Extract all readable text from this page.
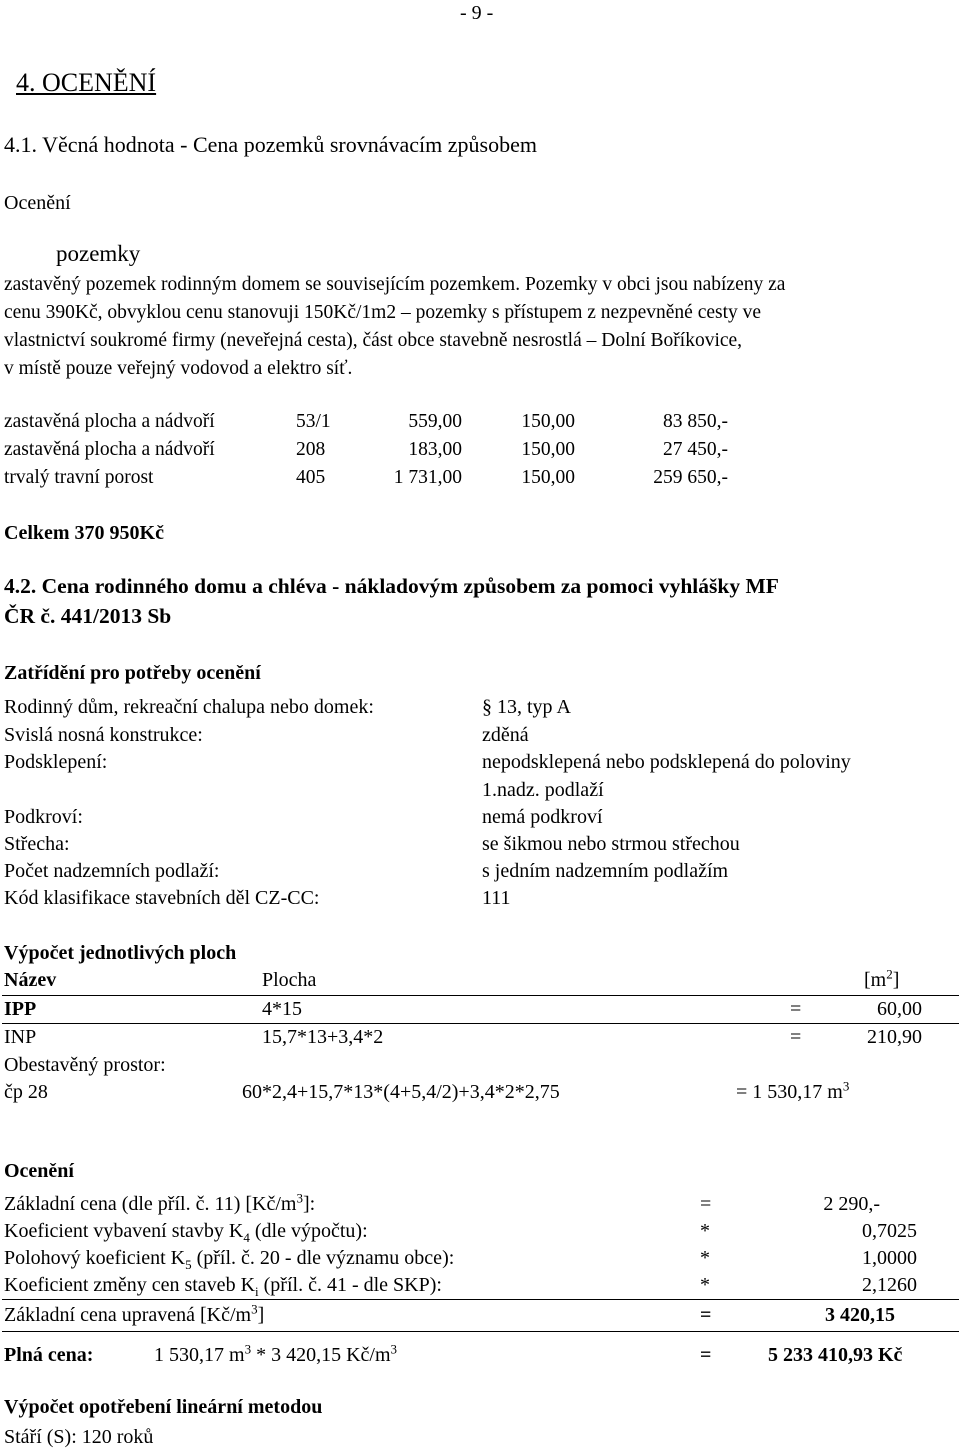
- 9 -
4. OCENĚNÍ
4.1. Věcná hodnota - Cena pozemků srovnávacím způsobem
Ocenění
pozemky
zastavěný pozemek rodinným domem se souvisejícím pozemkem. Pozemky v obci jsou nabízeny za
cenu 390Kč, obvyklou cenu stanovuji 150Kč/1m2 – pozemky s přístupem z nezpevněné cesty ve
vlastnictví soukromé firmy (neveřejná cesta), část obce stavebně nesrostlá – Dolní Boříkovice,
v místě pouze veřejný vodovod a elektro síť.
zastavěná plocha a nádvoří	53/1	559,00	150,00	83 850,-
zastavěná plocha a nádvoří	208	183,00	150,00	27 450,-
trvalý travní porost	405	1 731,00	150,00	259 650,-
Celkem 370 950Kč
4.2. Cena rodinného domu a chléva - nákladovým způsobem za pomoci vyhlášky MF
ČR č. 441/2013 Sb
Zatřídění pro potřeby ocenění
Rodinný dům, rekreační chalupa nebo domek:	§ 13, typ A
Svislá nosná konstrukce:	zděná
Podsklepení:	nepodsklepená nebo podsklepená do poloviny
1.nadz. podlaží
Podkroví:	nemá podkroví
Střecha:	se šikmou nebo strmou střechou
Počet nadzemních podlaží:	s jedním nadzemním podlažím
Kód klasifikace stavebních děl CZ-CC:	111
Výpočet jednotlivých ploch
Název	Plocha	$[m^2]$
IPP	4*15	=	60,00
INP	15,7*13+3,4*2	=	210,90
Obestavěný prostor:
čp 28	60*2,4+15,7*13*(4+5,4/2)+3,4*2*2,75	= 1 530,17 $m^3$
Ocenění
Základní cena (dle příl. č. 11) $[Kč/m^3]$:	=	2 290,-
Koeficient vybavení stavby $K_4$ (dle výpočtu):	*	0,7025
Polohový koeficient $K_5$ (příl. č. 20 - dle významu obce):	*	1,0000
Koeficient změny cen staveb $K_i$ (příl. č. 41 - dle SKP):	*	2,1260
Základní cena upravená $[Kč/m^3]$	=	3 420,15
Plná cena:	1 530,17 $m^3 * 3$ 420,15 $Kč/m^3$	=	5 233 410,93 Kč
Výpočet opotřebení lineární metodou
Stáří (S): 120 roků
